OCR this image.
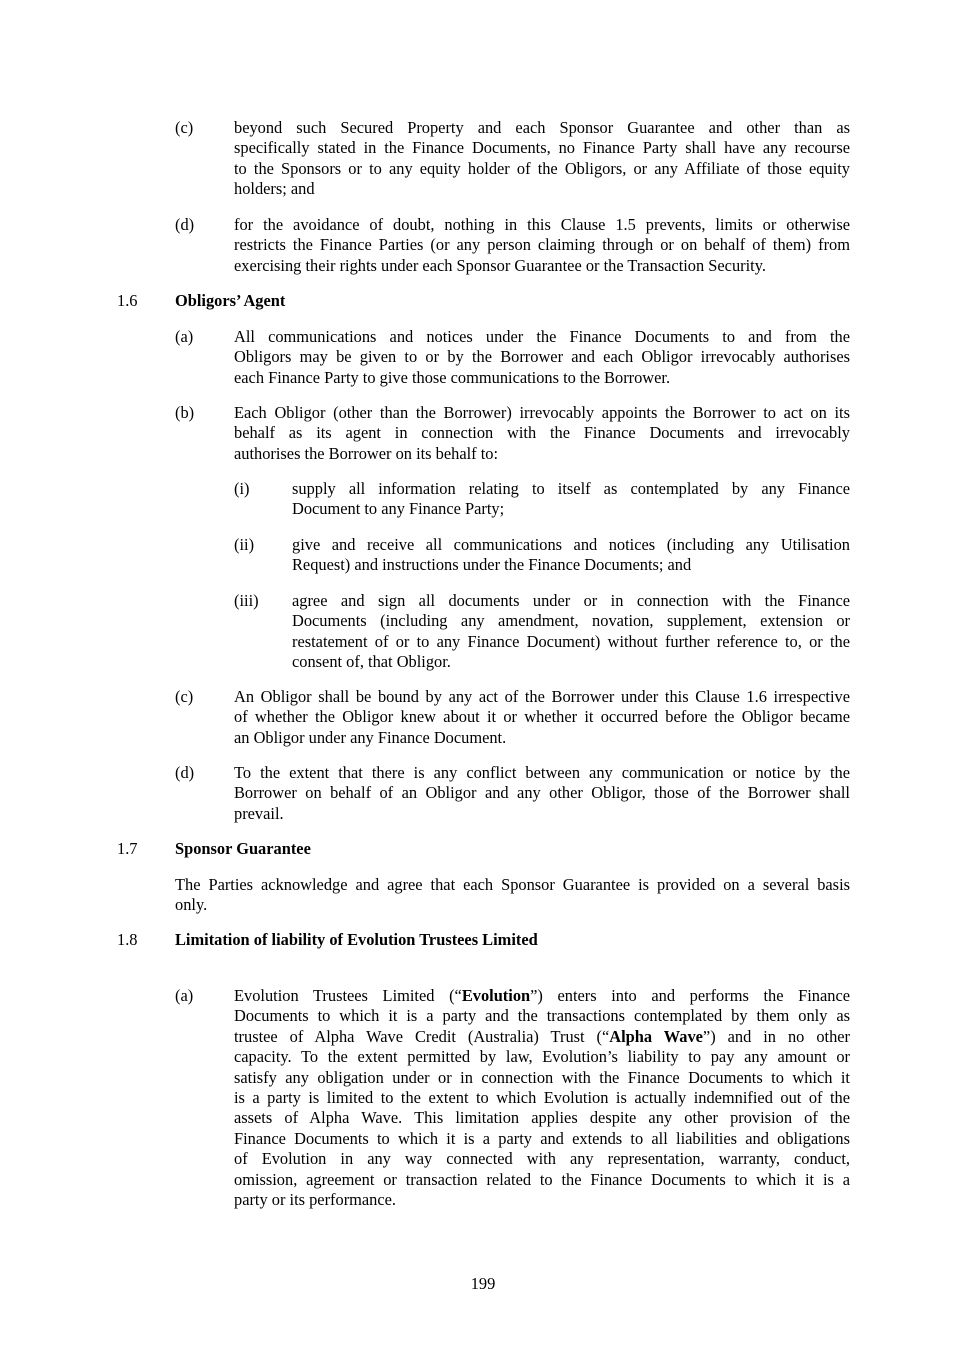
(c) beyond such Secured Property and each Sponsor Guarantee and other than as
specifically stated in the Finance Documents, no Finance Party shall have any recourse
to the Sponsors or to any equity holder of the Obligors, or any Affiliate of those equity
holders; and
(d) for the avoidance of doubt, nothing in this Clause 1.5 prevents, limits or otherwise
restricts the Finance Parties (or any person claiming through or on behalf of them) from
exercising their rights under each Sponsor Guarantee or the Transaction Security.
1.6 Obligors’ Agent
(a) All communications and notices under the Finance Documents to and from the
Obligors may be given to or by the Borrower and each Obligor irrevocably authorises
each Finance Party to give those communications to the Borrower.
(b) Each Obligor (other than the Borrower) irrevocably appoints the Borrower to act on its
behalf as its agent in connection with the Finance Documents and irrevocably
authorises the Borrower on its behalf to:
(i)	supply all information relating to itself as contemplated by any Finance
Document to any Finance Party;
(ii) give and receive all communications and notices (including any Utilisation
Request) and instructions under the Finance Documents; and
(iii) agree and sign all documents under or in connection with the Finance
Documents (including any amendment, novation, supplement, extension or
restatement of or to any Finance Document) without further reference to, or the
consent of, that Obligor.
(c) An Obligor shall be bound by any act of the Borrower under this Clause 1.6 irrespective
of whether the Obligor knew about it or whether it occurred before the Obligor became
an Obligor under any Finance Document.
(d) To the extent that there is any conflict between any communication or notice by the
Borrower on behalf of an Obligor and any other Obligor, those of the Borrower shall
prevail.
1.7 Sponsor Guarantee
The Parties acknowledge and agree that each Sponsor Guarantee is provided on a several basis
only.
1.8 Limitation of liability of Evolution Trustees Limited
(a) Evolution Trustees Limited (“Evolution”) enters into and performs the Finance
Documents to which it is a party and the transactions contemplated by them only as
trustee of Alpha Wave Credit (Australia) Trust (“Alpha Wave”) and in no other
capacity. To the extent permitted by law, Evolution’s liability to pay any amount or
satisfy any obligation under or in connection with the Finance Documents to which it
is a party is limited to the extent to which Evolution is actually indemnified out of the
assets of Alpha Wave. This limitation applies despite any other provision of the
Finance Documents to which it is a party and extends to all liabilities and obligations
of Evolution in any way connected with any representation, warranty, conduct,
omission, agreement or transaction related to the Finance Documents to which it is a
party or its performance.
199
